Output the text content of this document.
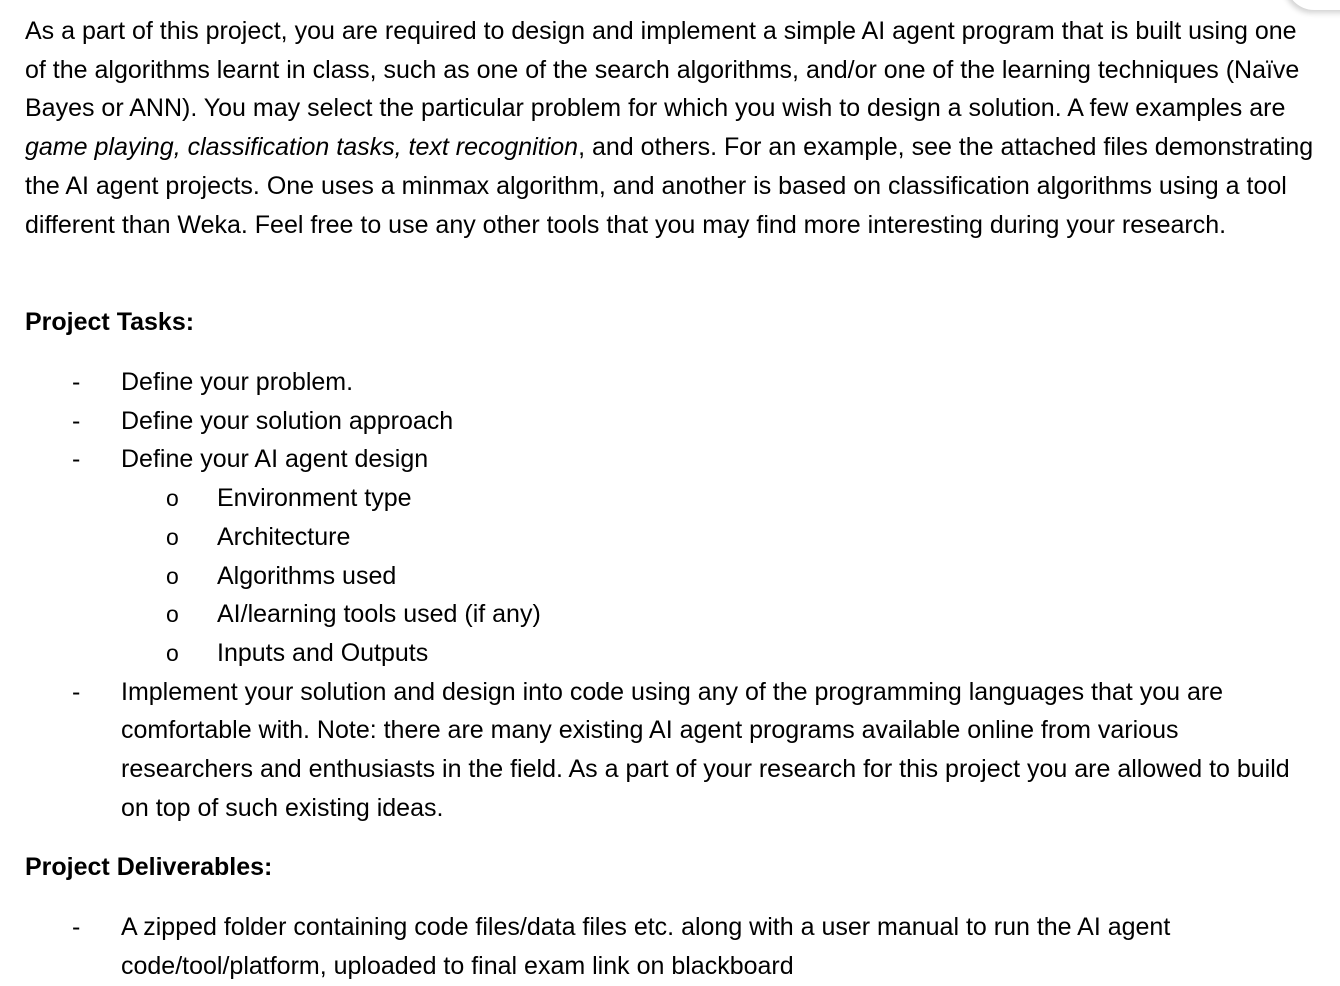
As a part of this project, you are required to design and implement a simple AI agent program that is built using one of the algorithms learnt in class, such as one of the search algorithms, and/or one of the learning techniques (Naïve Bayes or ANN). You may select the particular problem for which you wish to design a solution. A few examples are game playing, classification tasks, text recognition, and others. For an example, see the attached files demonstrating the AI agent projects. One uses a minmax algorithm, and another is based on classification algorithms using a tool different than Weka. Feel free to use any other tools that you may find more interesting during your research.

Project Tasks:
- Define your problem.
- Define your solution approach
- Define your AI agent design
o Environment type
o Architecture
o Algorithms used
o AI/learning tools used (if any)
o Inputs and Outputs
- Implement your solution and design into code using any of the programming languages that you are comfortable with. Note: there are many existing AI agent programs available online from various researchers and enthusiasts in the field. As a part of your research for this project you are allowed to build on top of such existing ideas.
Project Deliverables:
- A zipped folder containing code files/data files etc. along with a user manual to run the AI agent code/tool/platform, uploaded to final exam link on blackboard
